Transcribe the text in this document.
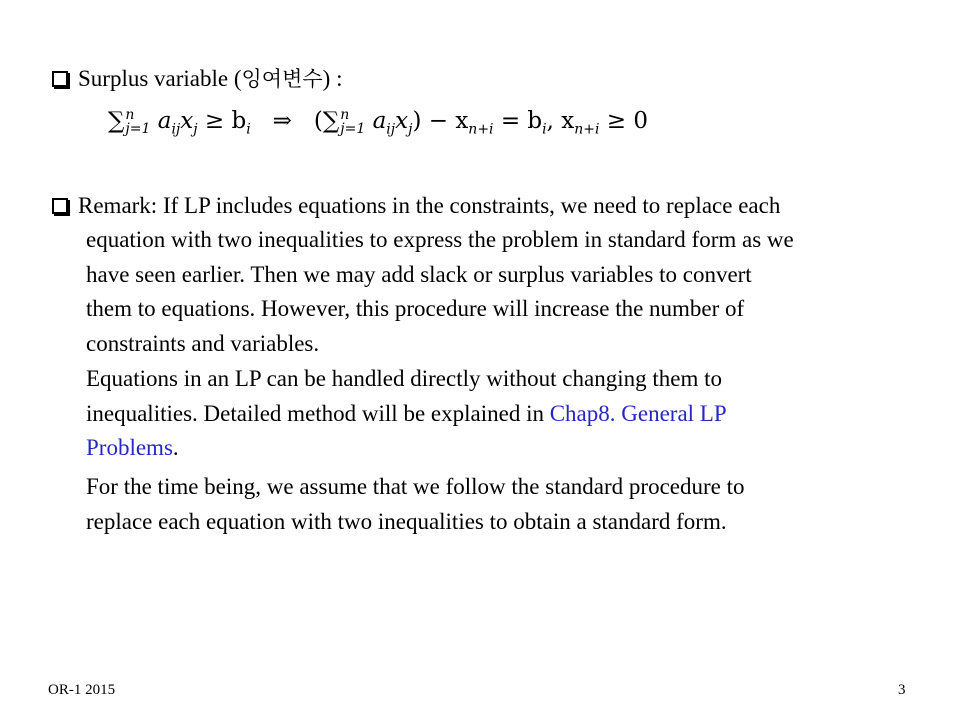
Surplus variable (잉여변수) :
∑n
j=1 $a_{ij}x_j \ge b_i$ ⇒ (∑n
j=1 $a_{ij}x_j) - x_{n+i} = b_i$, $x_{n+i} \ge 0$
Remark: If LP includes equations in the constraints, we need to replace each
equation with two inequalities to express the problem in standard form as we
have seen earlier. Then we may add slack or surplus variables to convert
them to equations. However, this procedure will increase the number of
constraints and variables.
Equations in an LP can be handled directly without changing them to
inequalities. Detailed method will be explained in Chap8. General LP
Problems.
For the time being, we assume that we follow the standard procedure to
replace each equation with two inequalities to obtain a standard form.
OR-1 2015	3
